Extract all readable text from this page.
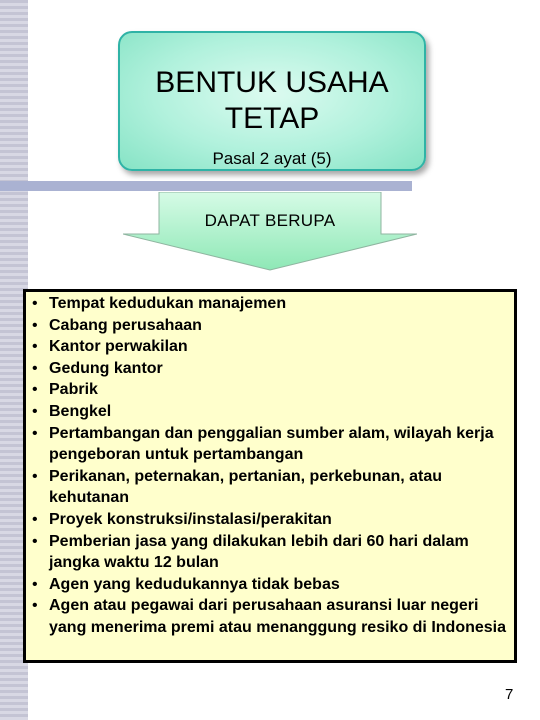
BENTUK USAHA
TETAP
Pasal 2 ayat (5)
DAPAT BERUPA
• Tempat kedudukan manajemen
• Cabang perusahaan
• Kantor perwakilan
• Gedung kantor
• Pabrik
• Bengkel
• Pertambangan dan penggalian sumber alam, wilayah kerja pengeboran untuk pertambangan
• Perikanan, peternakan, pertanian, perkebunan, atau kehutanan
• Proyek konstruksi/instalasi/perakitan
• Pemberian jasa yang dilakukan lebih dari 60 hari dalam jangka waktu 12 bulan
• Agen yang kedudukannya tidak bebas
• Agen atau pegawai dari perusahaan asuransi luar negeri yang menerima premi atau menanggung resiko di Indonesia
7
